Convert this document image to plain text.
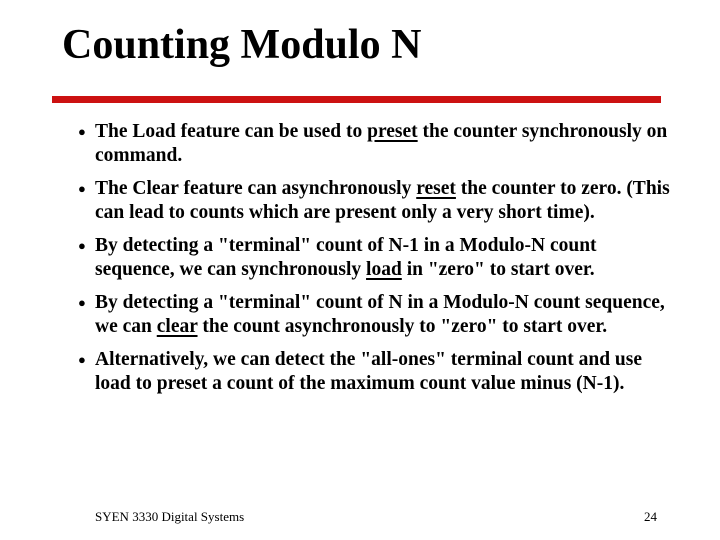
Counting Modulo N
● The Load feature can be used to preset the counter synchronously on command.
● The Clear feature can asynchronously reset the counter to zero. (This can lead to counts which are present only a very short time).
● By detecting a "terminal" count of N-1 in a Modulo-N count sequence, we can synchronously load in "zero" to start over.
● By detecting a "terminal" count of N in a Modulo-N count sequence, we can clear the count asynchronously to "zero" to start over.
● Alternatively, we can detect the "all-ones" terminal count and use load to preset a count of the maximum count value minus (N-1).
SYEN 3330 Digital Systems	24
